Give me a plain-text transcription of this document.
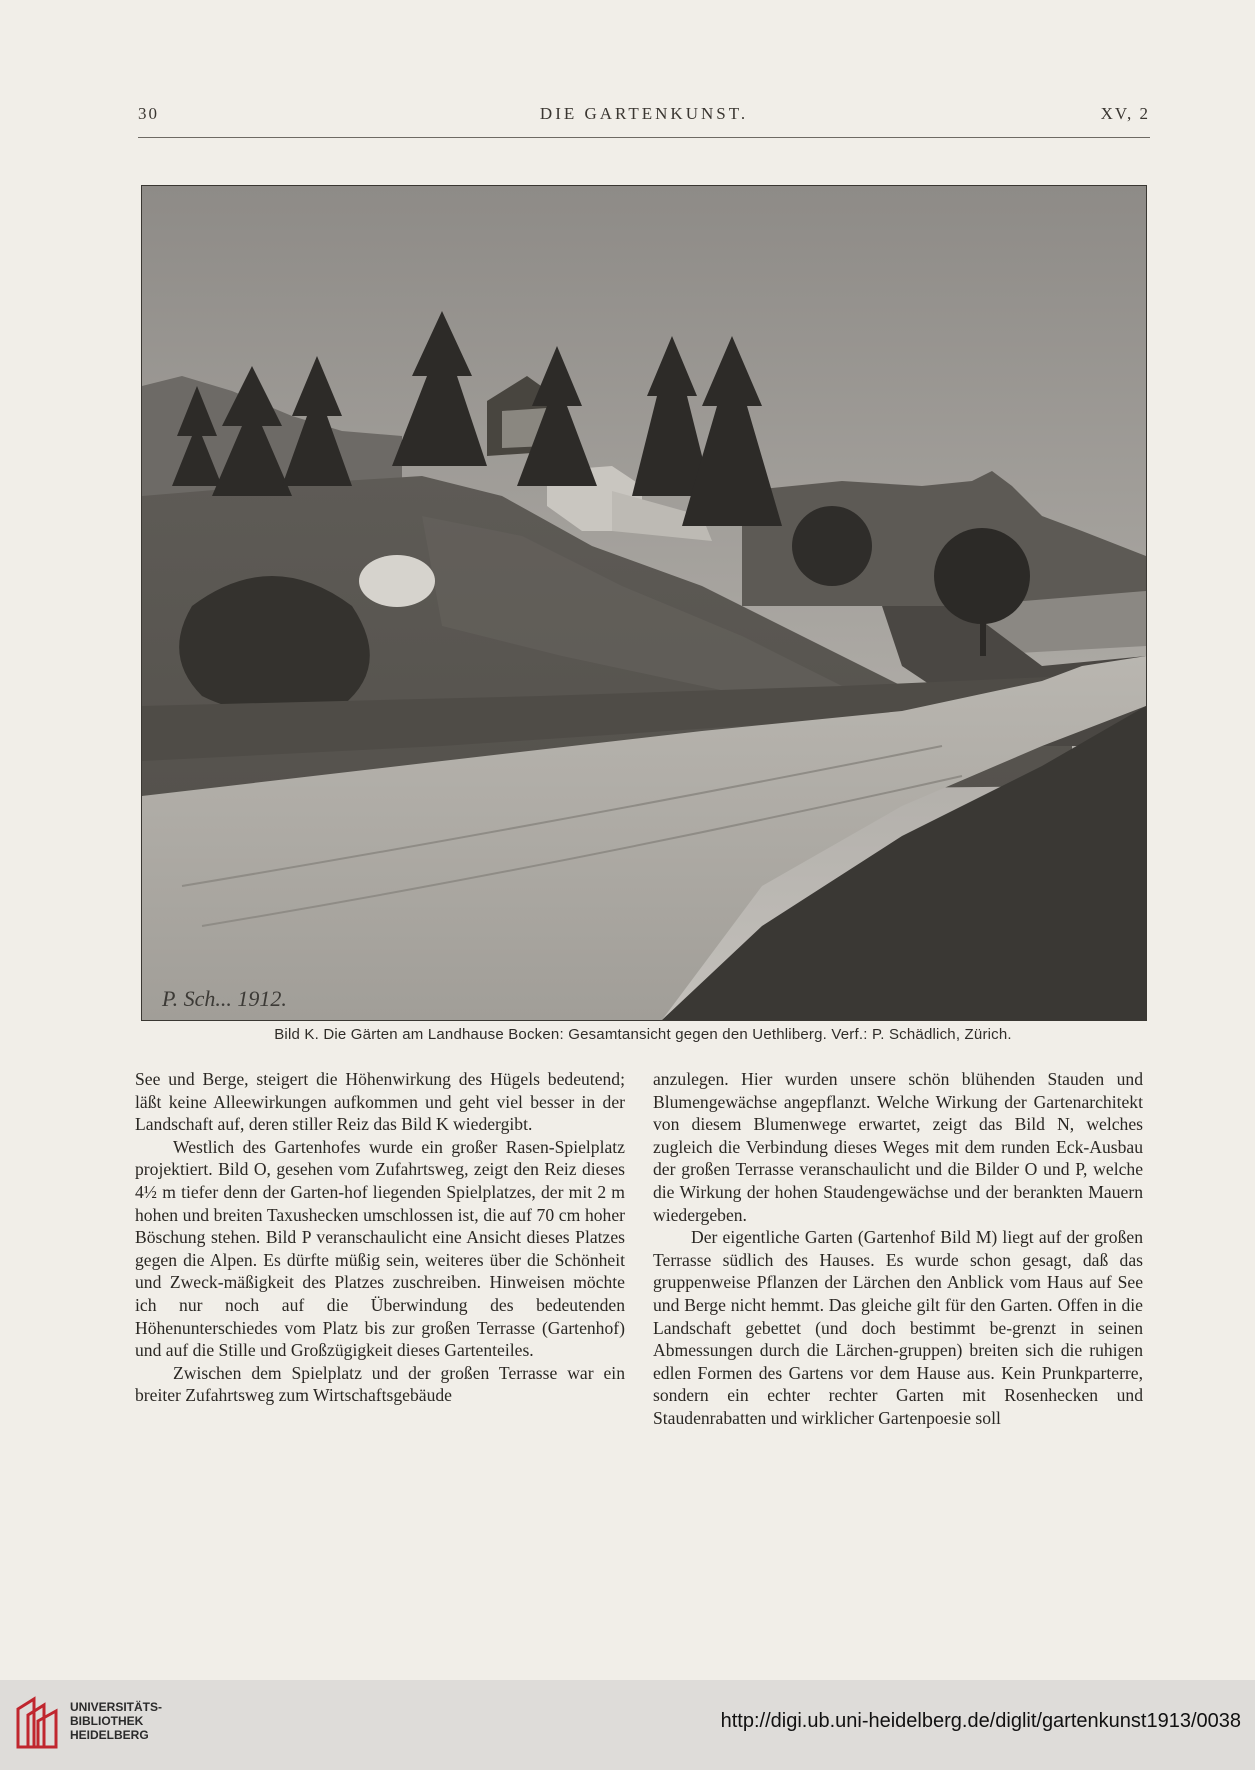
30	DIE GARTENKUNST.	XV, 2
P. Sch... 1912.
Bild K. Die Gärten am Landhause Bocken: Gesamtansicht gegen den Uethliberg. Verf.: P. Schädlich, Zürich.

See und Berge, steigert die Höhenwirkung des Hügels bedeutend; läßt keine Alleewirkungen aufkommen und geht viel besser in der Landschaft auf, deren stiller Reiz das Bild K wiedergibt.

Westlich des Gartenhofes wurde ein großer Rasen-Spielplatz projektiert. Bild O, gesehen vom Zufahrtsweg, zeigt den Reiz dieses 4½ m tiefer denn der Garten-hof liegenden Spielplatzes, der mit 2 m hohen und breiten Taxushecken umschlossen ist, die auf 70 cm hoher Böschung stehen. Bild P veranschaulicht eine Ansicht dieses Platzes gegen die Alpen. Es dürfte müßig sein, weiteres über die Schönheit und Zweck-mäßigkeit des Platzes zuschreiben. Hinweisen möchte ich nur noch auf die Überwindung des bedeutenden Höhenunterschiedes vom Platz bis zur großen Terrasse (Gartenhof) und auf die Stille und Großzügigkeit dieses Gartenteiles.

Zwischen dem Spielplatz und der großen Terrasse war ein breiter Zufahrtsweg zum Wirtschaftsgebäude

anzulegen. Hier wurden unsere schön blühenden Stauden und Blumengewächse angepflanzt. Welche Wirkung der Gartenarchitekt von diesem Blumenwege erwartet, zeigt das Bild N, welches zugleich die Verbindung dieses Weges mit dem runden Eck-Ausbau der großen Terrasse veranschaulicht und die Bilder O und P, welche die Wirkung der hohen Staudengewächse und der berankten Mauern wiedergeben.

Der eigentliche Garten (Gartenhof Bild M) liegt auf der großen Terrasse südlich des Hauses. Es wurde schon gesagt, daß das gruppenweise Pflanzen der Lärchen den Anblick vom Haus auf See und Berge nicht hemmt. Das gleiche gilt für den Garten. Offen in die Landschaft gebettet (und doch bestimmt be-grenzt in seinen Abmessungen durch die Lärchen-gruppen) breiten sich die ruhigen edlen Formen des Gartens vor dem Hause aus. Kein Prunkparterre, sondern ein echter rechter Garten mit Rosenhecken und Staudenrabatten und wirklicher Gartenpoesie soll

UNIVERSITÄTS-
BIBLIOTHEK
HEIDELBERG
http://digi.ub.uni-heidelberg.de/diglit/gartenkunst1913/0038
